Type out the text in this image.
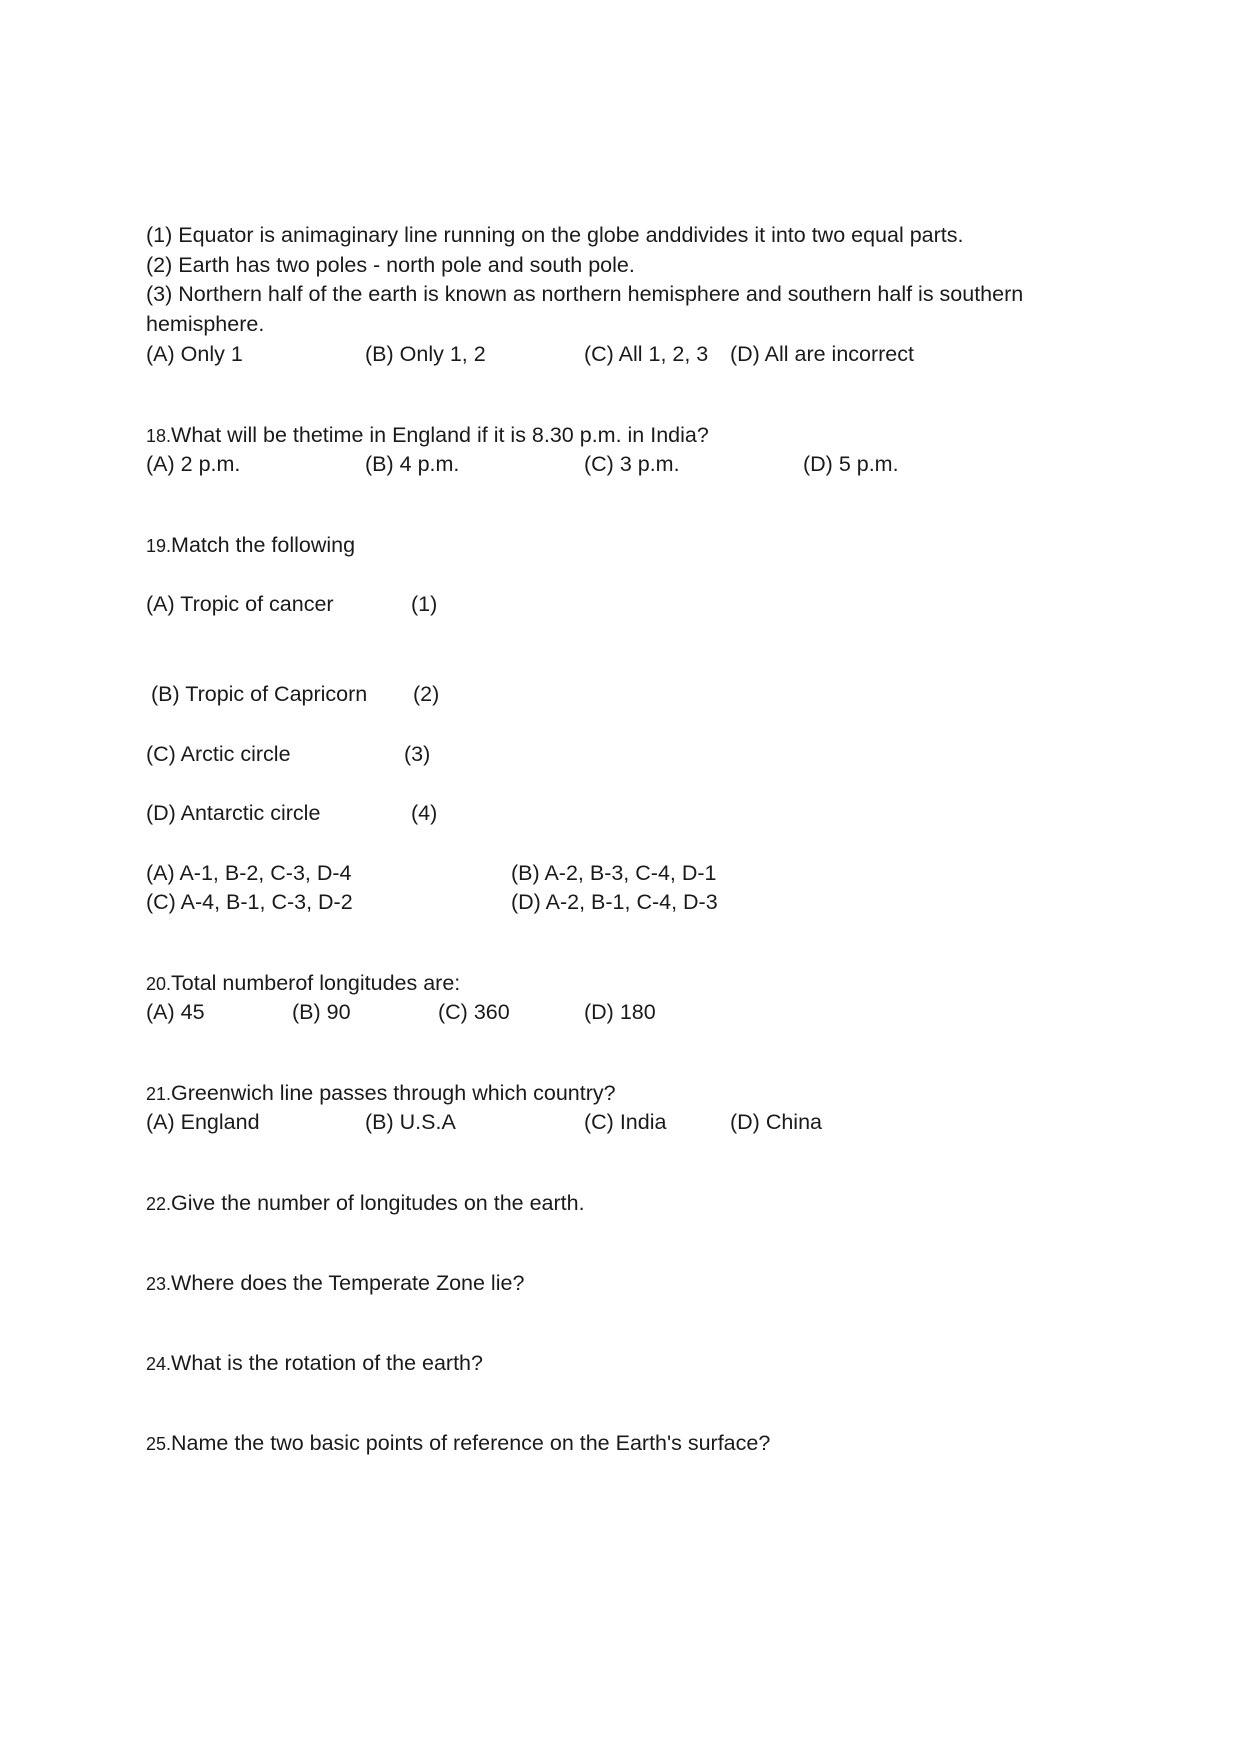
(1) Equator is animaginary line running on the globe anddivides it into two equal parts.
(2) Earth has two poles - north pole and south pole.
(3) Northern half of the earth is known as northern hemisphere and southern half is southern
hemisphere.
(A) Only 1	(B) Only 1, 2	(C) All 1, 2, 3 (D) All are incorrect
18.What will be thetime in England if it is 8.30 p.m. in India?
(A) 2 p.m.	(B) 4 p.m.	(C) 3 p.m.	(D) 5 p.m.
19.Match the following
(A) Tropic of cancer	(1)
(B) Tropic of Capricorn (2)
(C) Arctic circle	(3)
(D) Antarctic circle	(4)
(A) A-1, B-2, C-3, D-4	(B) A-2, B-3, C-4, D-1
(C) A-4, B-1, C-3, D-2	(D) A-2, B-1, C-4, D-3
20.Total numberof longitudes are:
(A) 45	(B) 90	(C) 360	(D) 180
21.Greenwich line passes through which country?
(A) England	(B) U.S.A	(C) India	(D) China
22.Give the number of longitudes on the earth.
23.Where does the Temperate Zone lie?
24.What is the rotation of the earth?
25.Name the two basic points of reference on the Earth's surface?
